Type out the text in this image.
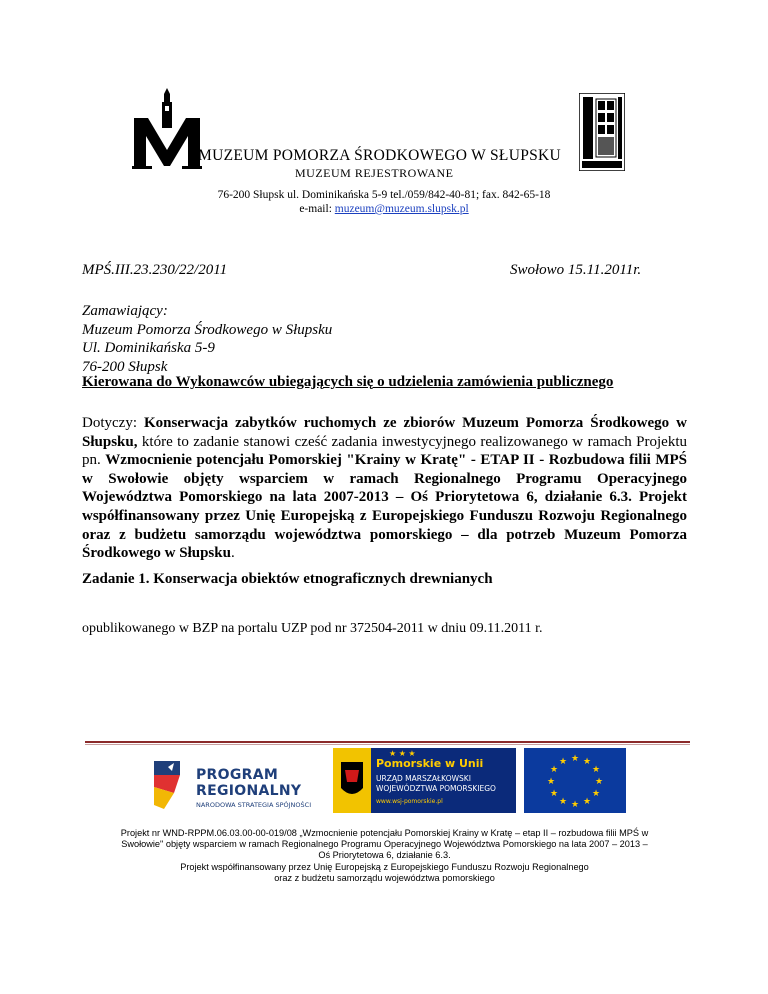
MUZEUM POMORZA ŚRODKOWEGO W SŁUPSKU
MUZEUM REJESTROWANE
76-200 Słupsk ul. Dominikańska 5-9 tel./059/842-40-81; fax. 842-65-18
e-mail: muzeum@muzeum.slupsk.pl
MPŚ.III.23.230/22/2011	Swołowo 15.11.2011r.
Zamawiający:
Muzeum Pomorza Środkowego w Słupsku
Ul. Dominikańska 5-9
76-200 Słupsk
Kierowana do Wykonawców ubiegających się o udzielenia zamówienia publicznego
Dotyczy: Konserwacja zabytków ruchomych ze zbiorów Muzeum Pomorza Środkowego w Słupsku, które to zadanie stanowi cześć zadania inwestycyjnego realizowanego w ramach Projektu pn. Wzmocnienie potencjału Pomorskiej "Krainy w Kratę" - ETAP II - Rozbudowa filii MPŚ w Swołowie objęty wsparciem w ramach Regionalnego Programu Operacyjnego Województwa Pomorskiego na lata 2007-2013 – Oś Priorytetowa 6, działanie 6.3. Projekt współfinansowany przez Unię Europejską z Europejskiego Funduszu Rozwoju Regionalnego oraz z budżetu samorządu województwa pomorskiego – dla potrzeb Muzeum Pomorza Środkowego w Słupsku.
Zadanie 1. Konserwacja obiektów etnograficznych drewnianych
opublikowanego w BZP na portalu UZP pod nr 372504-2011 w dniu 09.11.2011 r.
PROGRAM
REGIONALNY
NARODOWA STRATEGIA SPÓJNOŚCI
★ ★ ★
Pomorskie w Unii
URZĄD MARSZAŁKOWSKI
WOJEWÓDZTWA POMORSKIEGO
www.wsj-pomorskie.pl
★ ★
★
★
★
★
★
★
★
★
★
★
Projekt nr WND-RPPM.06.03.00-00-019/08 „Wzmocnienie potencjału Pomorskiej Krainy w Kratę – etap II – rozbudowa filii MPŚ w
Swołowie" objęty wsparciem w ramach Regionalnego Programu Operacyjnego Województwa Pomorskiego na lata 2007 – 2013 –
Oś Priorytetowa 6, działanie 6.3.
Projekt współfinansowany przez Unię Europejską z Europejskiego Funduszu Rozwoju Regionalnego
oraz z budżetu samorządu województwa pomorskiego
